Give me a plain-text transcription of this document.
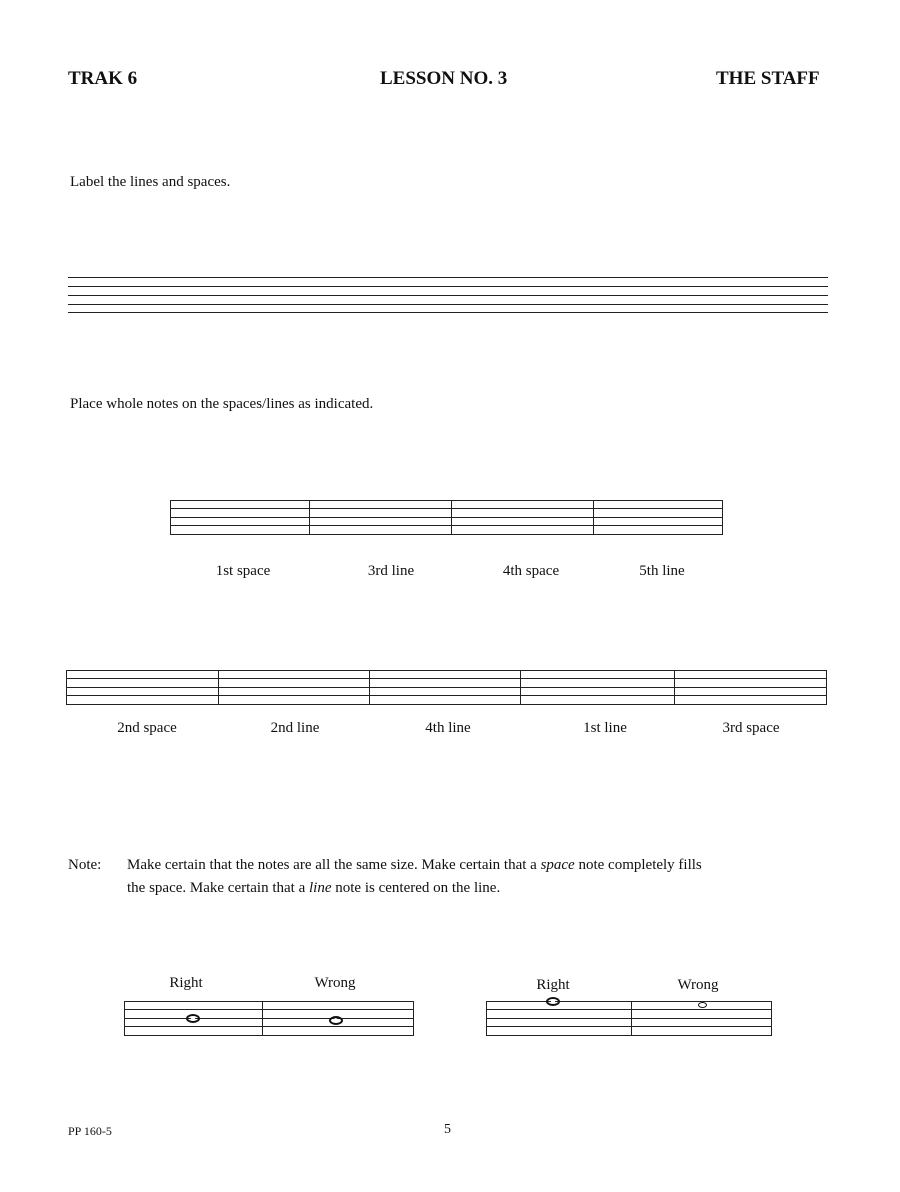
TRAK 6	LESSON NO. 3	THE STAFF
Label the lines and spaces.
Place whole notes on the spaces/lines as indicated.
1st space	3rd line	4th space	5th line
2nd space	2nd line	4th line	1st line	3rd space
Note: Make certain that the notes are all the same size. Make certain that a space note completely fills
the space. Make certain that a line note is centered on the line.
Right	Wrong	Right	Wrong
PP 160-5	5
